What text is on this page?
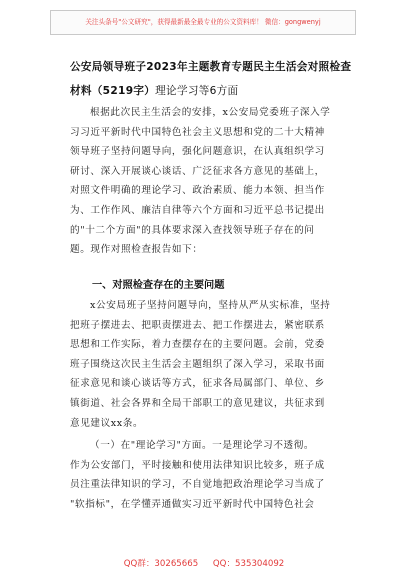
关注头条号"公文研究"，获得最新最全最专业的公文资料库！ 微信：gongwenyj
公安局领导班子2023年主题教育专题民主生活会对照检查
材料（5219字）理论学习等6方面
根据此次民主生活会的安排，x公安局党委班子深入学
习习近平新时代中国特色社会主义思想和党的二十大精神
领导班子坚持问题导向，强化问题意识，在认真组织学习
研讨、深入开展谈心谈话、广泛征求各方意见的基础上，
对照文件明确的理论学习、政治素质、能力本领、担当作
为、工作作风、廉洁自律等六个方面和习近平总书记提出
的"十二个方面"的具体要求深入查找领导班子存在的问
题。现作对照检查报告如下：
一、对照检查存在的主要问题
x公安局班子坚持问题导向，坚持从严从实标准，坚持
把班子摆进去、把职责摆进去、把工作摆进去，紧密联系
思想和工作实际，着力查摆存在的主要问题。会前，党委
班子围绕这次民主生活会主题组织了深入学习，采取书面
征求意见和谈心谈话等方式，征求各局属部门、单位、乡
镇街道、社会各界和全局干部职工的意见建议，共征求到
意见建议xx条。
（一）在"理论学习"方面。一是理论学习不透彻。
作为公安部门，平时接触和使用法律知识比较多，班子成
员注重法律知识的学习，不自觉地把政治理论学习当成了
"软指标"，在学懂弄通做实习近平新时代中国特色社会
QQ群：30265665 QQ：535304092
